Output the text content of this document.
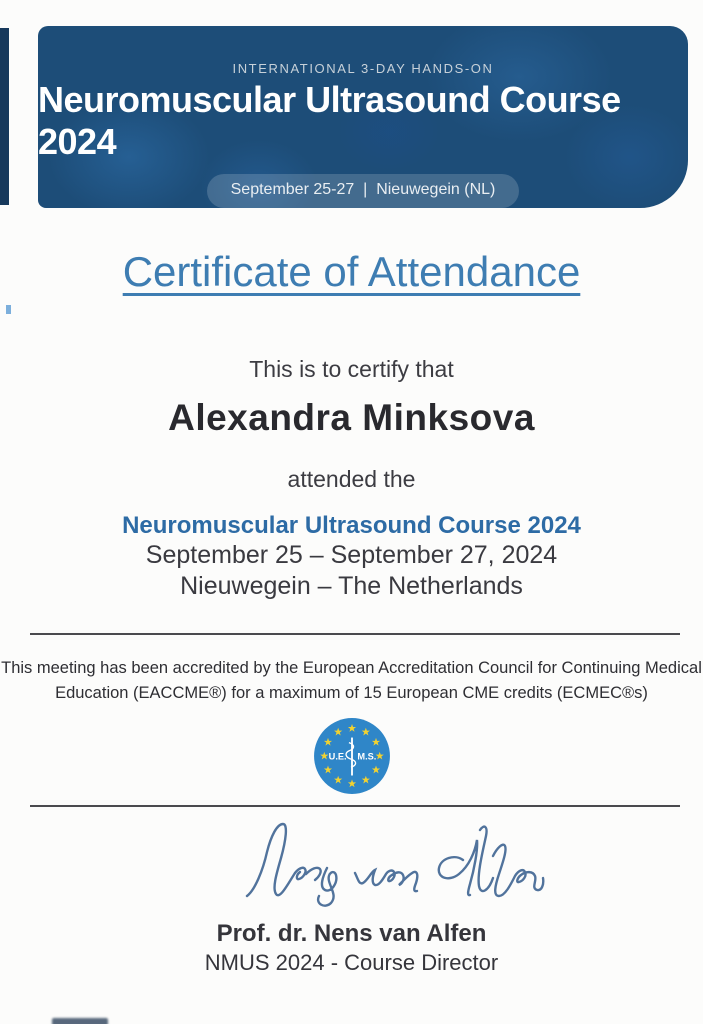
INTERNATIONAL 3-DAY HANDS-ON
Neuromuscular Ultrasound Course 2024
September 25-27  |  Nieuwegein (NL)
Certificate of Attendance
This is to certify that
Alexandra Minksova
attended the
Neuromuscular Ultrasound Course 2024
September 25 – September 27, 2024
Nieuwegein – The Netherlands
This meeting has been accredited by the European Accreditation Council for Continuing Medical
Education (EACCME®) for a maximum of 15 European CME credits (ECMEC®s)
U.E. M.S.
Prof. dr. Nens van Alfen
NMUS 2024 - Course Director
